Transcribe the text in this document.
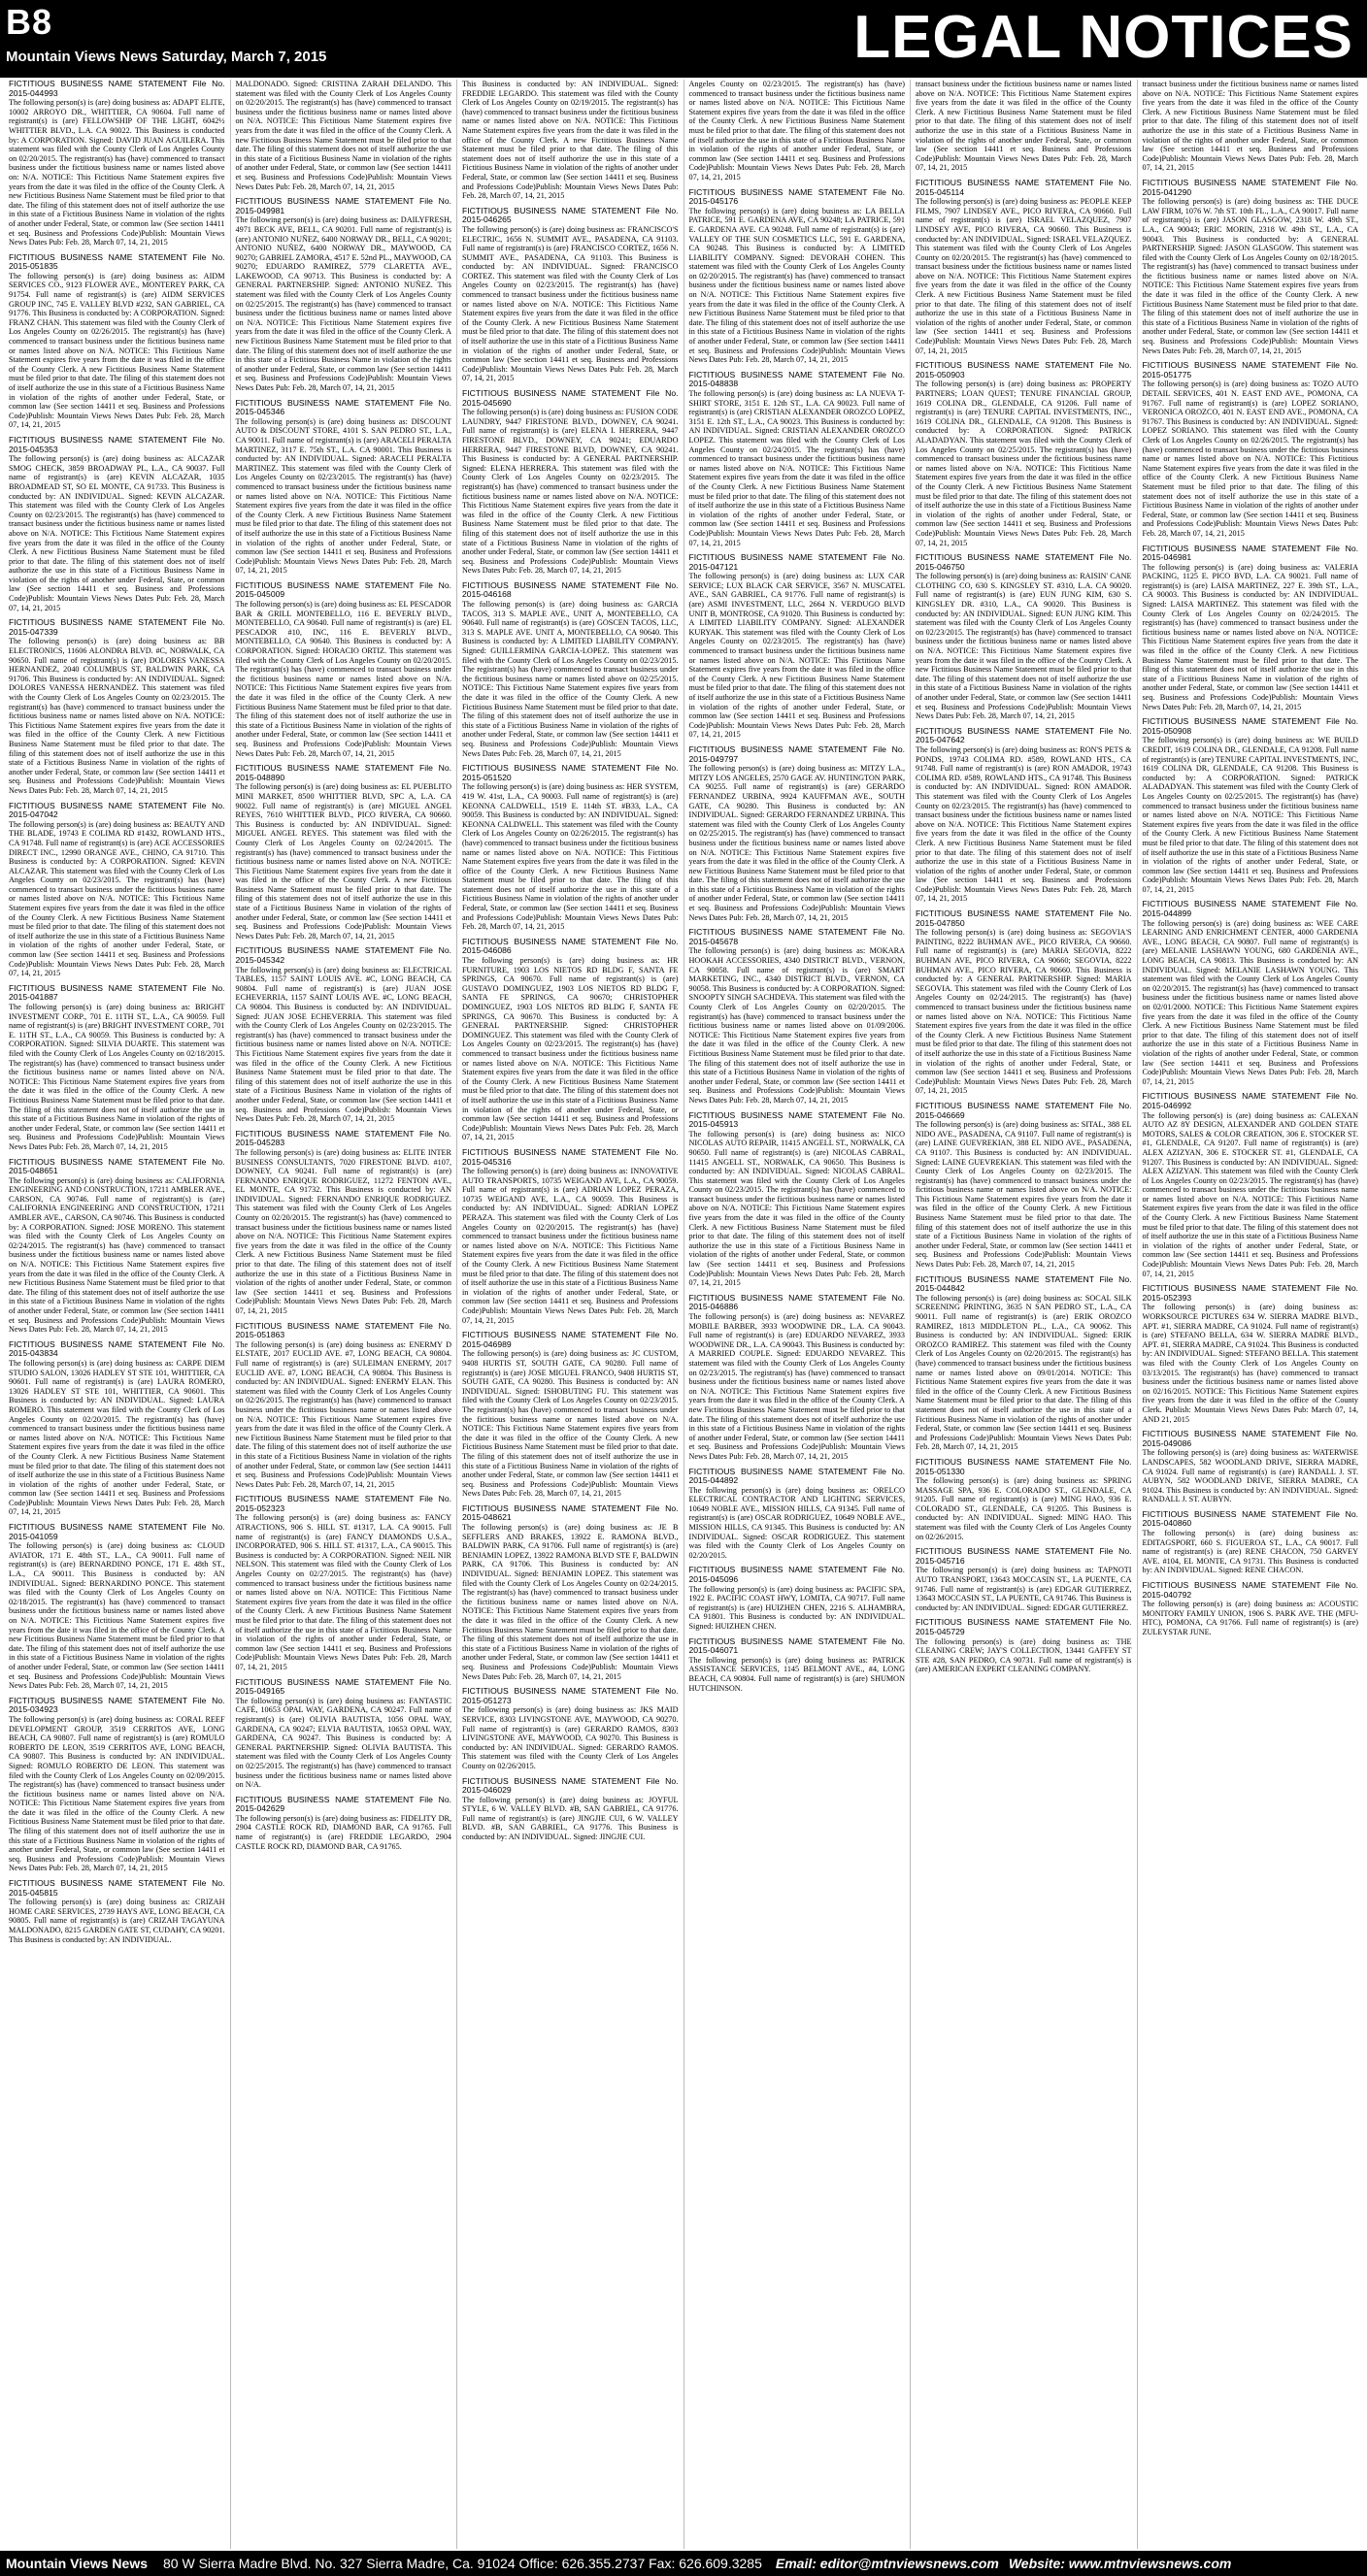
B8
Mountain Views News Saturday, March 7, 2015	LEGAL NOTICES

FICTITIOUS BUSINESS NAME STATEMENT File No. 2015-044993

The following person(s) is (are) doing business as: ADAPT ELITE, 10002 ARROYO DR., WHITTIER, CA 90604. Full name of registrant(s) is (are) FELLOWSHIP OF THE LIGHT, 6042½ WHITTIER BLVD., L.A. CA 90022. This Business is conducted by: A CORPORATION. Signed: DAVID JUAN AGUILERA. This statement was filed with the County Clerk of Los Angeles County on 02/20/2015. The registrant(s) has (have) commenced to transact business under the fictitious business name or names listed above on: N/A. NOTICE: This Fictitious Name Statement expires five years from the date it was filed in the office of the County Clerk. A new Fictitious Business Name Statement must be filed prior to that date. The filing of this statement does not of itself authorize the use in this state of a Fictitious Business Name in violation of the rights of another under Federal, State, or common law (See section 14411 et seq. Business and Professions Code)Publish: Mountain Views News Dates Pub: Feb. 28, March 07, 14, 21, 2015

FICTITIOUS BUSINESS NAME STATEMENT File No. 2015-051835

The following person(s) is (are) doing business as: AIDM SERVICES CO., 9123 FLOWER AVE., MONTEREY PARK, CA 91754. Full name of registrant(s) is (are) AIDM SERVICES GROUP INC, 745 E. VALLEY BLVD #232, SAN GABRIEL, CA 91776. This Business is conducted by: A CORPORATION. Signed: FRANZ CHAN. This statement was filed with the County Clerk of Los Angeles County on 02/26/2015. The registrant(s) has (have) commenced to transact business under the fictitious business name or names listed above on N/A. NOTICE: This Fictitious Name Statement expires five years from the date it was filed in the office of the County Clerk. A new Fictitious Business Name Statement must be filed prior to that date. The filing of this statement does not of itself authorize the use in this state of a Fictitious Business Name in violation of the rights of another under Federal, State, or common law (See section 14411 et seq. Business and Professions Code)Publish: Mountain Views News Dates Pub: Feb. 28, March 07, 14, 21, 2015

FICTITIOUS BUSINESS NAME STATEMENT File No. 2015-045353

The following person(s) is (are) doing business as: ALCAZAR SMOG CHECK, 3859 BROADWAY PL, L.A., CA 90037. Full name of registrant(s) is (are) KEVIN ALCAZAR, 1035 BROADMEAD ST, SO EL MONTE, CA 91733. This Business is conducted by: AN INDIVIDUAL. Signed: KEVIN ALCAZAR. This statement was filed with the County Clerk of Los Angeles County on 02/23/2015. The registrant(s) has (have) commenced to transact business under the fictitious business name or names listed above on N/A. NOTICE: This Fictitious Name Statement expires five years from the date it was filed in the office of the County Clerk. A new Fictitious Business Name Statement must be filed prior to that date. The filing of this statement does not of itself authorize the use in this state of a Fictitious Business Name in violation of the rights of another under Federal, State, or common law (See section 14411 et seq. Business and Professions Code)Publish: Mountain Views News Dates Pub: Feb. 28, March 07, 14, 21, 2015

FICTITIOUS BUSINESS NAME STATEMENT File No. 2015-047339

The following person(s) is (are) doing business as: BB ELECTRONICS, 11606 ALONDRA BLVD. #C, NORWALK, CA 90650. Full name of registrant(s) is (are) DOLORES VANESSA HERNANDEZ, 2040 COLUMBUS ST, BALDWIN PARK, CA 91706. This Business is conducted by: AN INDIVIDUAL. Signed: DOLORES VANESSA HERNANDEZ. This statement was filed with the County Clerk of Los Angeles County on 02/23/2015. The registrant(s) has (have) commenced to transact business under the fictitious business name or names listed above on N/A. NOTICE: This Fictitious Name Statement expires five years from the date it was filed in the office of the County Clerk. A new Fictitious Business Name Statement must be filed prior to that date. The filing of this statement does not of itself authorize the use in this state of a Fictitious Business Name in violation of the rights of another under Federal, State, or common law (See section 14411 et seq. Business and Professions Code)Publish: Mountain Views News Dates Pub: Feb. 28, March 07, 14, 21, 2015

FICTITIOUS BUSINESS NAME STATEMENT File No. 2015-047042

The following person(s) is (are) doing business as: BEAUTY AND THE BLADE, 19743 E COLIMA RD #1432, ROWLAND HTS., CA 91748. Full name of registrant(s) is (are) ACE ACCESSORIES DIRECT INC., 12990 ORANGE AVE., CHINO, CA 91710. This Business is conducted by: A CORPORATION. Signed: KEVIN ALCAZAR. This statement was filed with the County Clerk of Los Angeles County on 02/23/2015. The registrant(s) has (have) commenced to transact business under the fictitious business name or names listed above on N/A. NOTICE: This Fictitious Name Statement expires five years from the date it was filed in the office of the County Clerk. A new Fictitious Business Name Statement must be filed prior to that date. The filing of this statement does not of itself authorize the use in this state of a Fictitious Business Name in violation of the rights of another under Federal, State, or common law (See section 14411 et seq. Business and Professions Code)Publish: Mountain Views News Dates Pub: Feb. 28, March 07, 14, 21, 2015

FICTITIOUS BUSINESS NAME STATEMENT File No. 2015-041887

The following person(s) is (are) doing business as: BRIGHT INVESTMENT CORP., 701 E. 11TH ST., L.A., CA 90059. Full name of registrant(s) is (are) BRIGHT INVESTMENT CORP., 701 E. 11TH ST., L.A., CA 90059. This Business is conducted by: A CORPORATION. Signed: SILVIA DUARTE. This statement was filed with the County Clerk of Los Angeles County on 02/18/2015. The registrant(s) has (have) commenced to transact business under the fictitious business name or names listed above on N/A. NOTICE: This Fictitious Name Statement expires five years from the date it was filed in the office of the County Clerk. A new Fictitious Business Name Statement must be filed prior to that date. The filing of this statement does not of itself authorize the use in this state of a Fictitious Business Name in violation of the rights of another under Federal, State, or common law (See section 14411 et seq. Business and Professions Code)Publish: Mountain Views News Dates Pub: Feb. 28, March 07, 14, 21, 2015

FICTITIOUS BUSINESS NAME STATEMENT File No. 2015-048651

The following person(s) is (are) doing business as: CALIFORNIA ENGINEERING AND CONSTRUCTION, 17211 AMBLER AVE., CARSON, CA 90746. Full name of registrant(s) is (are) CALIFORNIA ENGINEERING AND CONSTRUCTION, 17211 AMBLER AVE., CARSON, CA 90746. This Business is conducted by: A CORPORATION. Signed: JOSE MORENO. This statement was filed with the County Clerk of Los Angeles County on 02/24/2015. The registrant(s) has (have) commenced to transact business under the fictitious business name or names listed above on N/A. NOTICE: This Fictitious Name Statement expires five years from the date it was filed in the office of the County Clerk. A new Fictitious Business Name Statement must be filed prior to that date. The filing of this statement does not of itself authorize the use in this state of a Fictitious Business Name in violation of the rights of another under Federal, State, or common law (See section 14411 et seq. Business and Professions Code)Publish: Mountain Views News Dates Pub: Feb. 28, March 07, 14, 21, 2015

FICTITIOUS BUSINESS NAME STATEMENT File No. 2015-043834

The following person(s) is (are) doing business as: CARPE DIEM STUDIO SALON, 13026 HADLEY ST STE 101, WHITTIER, CA 90601. Full name of registrant(s) is (are) LAURA ROMERO, 13026 HADLEY ST STE 101, WHITTIER, CA 90601. This Business is conducted by: AN INDIVIDUAL. Signed: LAURA ROMERO. This statement was filed with the County Clerk of Los Angeles County on 02/20/2015. The registrant(s) has (have) commenced to transact business under the fictitious business name or names listed above on N/A. NOTICE: This Fictitious Name Statement expires five years from the date it was filed in the office of the County Clerk. A new Fictitious Business Name Statement must be filed prior to that date. The filing of this statement does not of itself authorize the use in this state of a Fictitious Business Name in violation of the rights of another under Federal, State, or common law (See section 14411 et seq. Business and Professions Code)Publish: Mountain Views News Dates Pub: Feb. 28, March 07, 14, 21, 2015

FICTITIOUS BUSINESS NAME STATEMENT File No. 2015-041059

The following person(s) is (are) doing business as: CLOUD AVIATOR, 171 E. 48th ST., L.A., CA 90011. Full name of registrant(s) is (are) BERNARDINO PONCE, 171 E. 48th ST., L.A., CA 90011. This Business is conducted by: AN INDIVIDUAL. Signed: BERNARDINO PONCE. This statement was filed with the County Clerk of Los Angeles County on 02/18/2015. The registrant(s) has (have) commenced to transact business under the fictitious business name or names listed above on N/A. NOTICE: This Fictitious Name Statement expires five years from the date it was filed in the office of the County Clerk. A new Fictitious Business Name Statement must be filed prior to that date. The filing of this statement does not of itself authorize the use in this state of a Fictitious Business Name in violation of the rights of another under Federal, State, or common law (See section 14411 et seq. Business and Professions Code)Publish: Mountain Views News Dates Pub: Feb. 28, March 07, 14, 21, 2015

FICTITIOUS BUSINESS NAME STATEMENT File No. 2015-034923

The following person(s) is (are) doing business as: CORAL REEF DEVELOPMENT GROUP, 3519 CERRITOS AVE, LONG BEACH, CA 90807. Full name of registrant(s) is (are) ROMULO ROBERTO DE LEON, 3519 CERRITOS AVE, LONG BEACH, CA 90807. This Business is conducted by: AN INDIVIDUAL. Signed: ROMULO ROBERTO DE LEON. This statement was filed with the County Clerk of Los Angeles County on 02/09/2015. The registrant(s) has (have) commenced to transact business under the fictitious business name or names listed above on N/A. NOTICE: This Fictitious Name Statement expires five years from the date it was filed in the office of the County Clerk. A new Fictitious Business Name Statement must be filed prior to that date. The filing of this statement does not of itself authorize the use in this state of a Fictitious Business Name in violation of the rights of another under Federal, State, or common law (See section 14411 et seq. Business and Professions Code)Publish: Mountain Views News Dates Pub: Feb. 28, March 07, 14, 21, 2015

FICTITIOUS BUSINESS NAME STATEMENT File No. 2015-045815

The following person(s) is (are) doing business as: CRIZAH HOME CARE SERVICES, 2739 HAYS AVE, LONG BEACH, CA 90805. Full name of registrant(s) is (are) CRIZAH TAGAYUNA MALDONADO, 8215 GARDEN GATE ST, CUDAHY, CA 90201. This Business is conducted by: AN INDIVIDUAL.

MALDONADO. Signed: CRISTINA ZARAH DELANDO. This statement was filed with the County Clerk of Los Angeles County on 02/20/2015. The registrant(s) has (have) commenced to transact business under the fictitious business name or names listed above on N/A. NOTICE: This Fictitious Name Statement expires five years from the date it was filed in the office of the County Clerk. A new Fictitious Business Name Statement must be filed prior to that date. The filing of this statement does not of itself authorize the use in this state of a Fictitious Business Name in violation of the rights of another under Federal, State, or common law (See section 14411 et seq. Business and Professions Code)Publish: Mountain Views News Dates Pub: Feb. 28, March 07, 14, 21, 2015

FICTITIOUS BUSINESS NAME STATEMENT File No. 2015-049981

The following person(s) is (are) doing business as: DAILYFRESH, 4971 BECK AVE, BELL, CA 90201. Full name of registrant(s) is (are) ANTONIO NUÑEZ, 6400 NORWAY DR., BELL, CA 90201; ANTONIO NUÑEZ, 6400 NORWAY DR., MAYWOOD, CA 90270; GABRIEL ZAMORA, 4517 E. 52nd PL., MAYWOOD, CA 90270; EDUARDO RAMIREZ, 5779 CLARETTA AVE., LAKEWOOD, CA 90713. This Business is conducted by: A GENERAL PARTNERSHIP. Signed: ANTONIO NUÑEZ. This statement was filed with the County Clerk of Los Angeles County on 02/25/2015. The registrant(s) has (have) commenced to transact business under the fictitious business name or names listed above on N/A. NOTICE: This Fictitious Name Statement expires five years from the date it was filed in the office of the County Clerk. A new Fictitious Business Name Statement must be filed prior to that date. The filing of this statement does not of itself authorize the use in this state of a Fictitious Business Name in violation of the rights of another under Federal, State, or common law (See section 14411 et seq. Business and Professions Code)Publish: Mountain Views News Dates Pub: Feb. 28, March 07, 14, 21, 2015

FICTITIOUS BUSINESS NAME STATEMENT File No. 2015-045346

The following person(s) is (are) doing business as: DISCOUNT AUTO & DISCOUNT STORE, 4101 S. SAN PEDRO ST., L.A., CA 90011. Full name of registrant(s) is (are) ARACELI PERALTA MARTINEZ, 3117 E. 75th ST., L.A. CA 90001. This Business is conducted by: AN INDIVIDUAL. Signed: ARACELI PERALTA MARTINEZ. This statement was filed with the County Clerk of Los Angeles County on 02/23/2015. The registrant(s) has (have) commenced to transact business under the fictitious business name or names listed above on N/A. NOTICE: This Fictitious Name Statement expires five years from the date it was filed in the office of the County Clerk. A new Fictitious Business Name Statement must be filed prior to that date. The filing of this statement does not of itself authorize the use in this state of a Fictitious Business Name in violation of the rights of another under Federal, State, or common law (See section 14411 et seq. Business and Professions Code)Publish: Mountain Views News Dates Pub: Feb. 28, March 07, 14, 21, 2015

FICTITIOUS BUSINESS NAME STATEMENT File No. 2015-045009

The following person(s) is (are) doing business as: EL PESCADOR BAR & GRILL MONTEBELLO, 116 E. BEVERLY BLVD., MONTEBELLO, CA 90640. Full name of registrant(s) is (are) EL PESCADOR #10, INC, 116 E. BEVERLY BLVD., MONTEBELLO, CA 90640. This Business is conducted by: A CORPORATION. Signed: HORACIO ORTIZ. This statement was filed with the County Clerk of Los Angeles County on 02/20/2015. The registrant(s) has (have) commenced to transact business under the fictitious business name or names listed above on N/A. NOTICE: This Fictitious Name Statement expires five years from the date it was filed in the office of the County Clerk. A new Fictitious Business Name Statement must be filed prior to that date. The filing of this statement does not of itself authorize the use in this state of a Fictitious Business Name in violation of the rights of another under Federal, State, or common law (See section 14411 et seq. Business and Professions Code)Publish: Mountain Views News Dates Pub: Feb. 28, March 07, 14, 21, 2015

FICTITIOUS BUSINESS NAME STATEMENT File No. 2015-048890

The following person(s) is (are) doing business as: EL PUEBLITO MINI MARKET, 8500 WHITTIER BLVD, SPC A, L.A. CA 90022. Full name of registrant(s) is (are) MIGUEL ANGEL REYES, 7610 WHITTIER BLVD., PICO RIVERA, CA 90660. This Business is conducted by: AN INDIVIDUAL. Signed: MIGUEL ANGEL REYES. This statement was filed with the County Clerk of Los Angeles County on 02/24/2015. The registrant(s) has (have) commenced to transact business under the fictitious business name or names listed above on N/A. NOTICE: This Fictitious Name Statement expires five years from the date it was filed in the office of the County Clerk. A new Fictitious Business Name Statement must be filed prior to that date. The filing of this statement does not of itself authorize the use in this state of a Fictitious Business Name in violation of the rights of another under Federal, State, or common law (See section 14411 et seq. Business and Professions Code)Publish: Mountain Views News Dates Pub: Feb. 28, March 07, 14, 21, 2015

FICTITIOUS BUSINESS NAME STATEMENT File No. 2015-045342

The following person(s) is (are) doing business as: ELECTRICAL TABLES, 1157 SAINT LOUIS AVE. #C, LONG BEACH, CA 90804. Full name of registrant(s) is (are) JUAN JOSE ECHEVERRIA, 1157 SAINT LOUIS AVE. #C, LONG BEACH, CA 90804. This Business is conducted by: AN INDIVIDUAL. Signed: JUAN JOSE ECHEVERRIA. This statement was filed with the County Clerk of Los Angeles County on 02/23/2015. The registrant(s) has (have) commenced to transact business under the fictitious business name or names listed above on N/A. NOTICE: This Fictitious Name Statement expires five years from the date it was filed in the office of the County Clerk. A new Fictitious Business Name Statement must be filed prior to that date. The filing of this statement does not of itself authorize the use in this state of a Fictitious Business Name in violation of the rights of another under Federal, State, or common law (See section 14411 et seq. Business and Professions Code)Publish: Mountain Views News Dates Pub: Feb. 28, March 07, 14, 21, 2015

FICTITIOUS BUSINESS NAME STATEMENT File No. 2015-045283

The following person(s) is (are) doing business as: ELITE INTER BUSINESS CONSULTANTS, 7020 FIRESTONE BLVD. #107, DOWNEY, CA 90241. Full name of registrant(s) is (are) FERNANDO ENRIQUE RODRIGUEZ, 11272 FENTON AVE., EL MONTE, CA 91732. This Business is conducted by: AN INDIVIDUAL. Signed: FERNANDO ENRIQUE RODRIGUEZ. This statement was filed with the County Clerk of Los Angeles County on 02/20/2015. The registrant(s) has (have) commenced to transact business under the fictitious business name or names listed above on N/A. NOTICE: This Fictitious Name Statement expires five years from the date it was filed in the office of the County Clerk. A new Fictitious Business Name Statement must be filed prior to that date. The filing of this statement does not of itself authorize the use in this state of a Fictitious Business Name in violation of the rights of another under Federal, State, or common law (See section 14411 et seq. Business and Professions Code)Publish: Mountain Views News Dates Pub: Feb. 28, March 07, 14, 21, 2015

FICTITIOUS BUSINESS NAME STATEMENT File No. 2015-051863

The following person(s) is (are) doing business as: ENERMY D ELSTATE, 2017 EUCLID AVE. #7, LONG BEACH, CA 90804. Full name of registrant(s) is (are) SULEIMAN ENERMY, 2017 EUCLID AVE. #7, LONG BEACH, CA 90804. This Business is conducted by: AN INDIVIDUAL. Signed: ENERMY ELAN. This statement was filed with the County Clerk of Los Angeles County on 02/26/2015. The registrant(s) has (have) commenced to transact business under the fictitious business name or names listed above on N/A. NOTICE: This Fictitious Name Statement expires five years from the date it was filed in the office of the County Clerk. A new Fictitious Business Name Statement must be filed prior to that date. The filing of this statement does not of itself authorize the use in this state of a Fictitious Business Name in violation of the rights of another under Federal, State, or common law (See section 14411 et seq. Business and Professions Code)Publish: Mountain Views News Dates Pub: Feb. 28, March 07, 14, 21, 2015

FICTITIOUS BUSINESS NAME STATEMENT File No. 2015-052323

The following person(s) is (are) doing business as: FANCY ATRACTIONS, 906 S. HILL ST. #1317, L.A. CA 90015. Full name of registrant(s) is (are) FANCY DIAMONDS U.S.A., INCORPORATED, 906 S. HILL ST. #1317, L.A., CA 90015. This Business is conducted by: A CORPORATION. Signed: NEIL NIR NELSON. This statement was filed with the County Clerk of Los Angeles County on 02/27/2015. The registrant(s) has (have) commenced to transact business under the fictitious business name or names listed above on N/A. NOTICE: This Fictitious Name Statement expires five years from the date it was filed in the office of the County Clerk. A new Fictitious Business Name Statement must be filed prior to that date. The filing of this statement does not of itself authorize the use in this state of a Fictitious Business Name in violation of the rights of another under Federal, State, or common law (See section 14411 et seq. Business and Professions Code)Publish: Mountain Views News Dates Pub: Feb. 28, March 07, 14, 21, 2015

FICTITIOUS BUSINESS NAME STATEMENT File No. 2015-049165

The following person(s) is (are) doing business as: FANTASTIC CAFÉ, 10653 OPAL WAY, GARDENA, CA 90247. Full name of registrant(s) is (are) OLIVIA BAUTISTA, 1056 OPAL WAY, GARDENA, CA 90247; ELVIA BAUTISTA, 10653 OPAL WAY, GARDENA, CA 90247. This Business is conducted by: A GENERAL PARTNERSHIP. Signed: OLIVIA BAUTISTA. This statement was filed with the County Clerk of Los Angeles County on 02/25/2015. The registrant(s) has (have) commenced to transact business under the fictitious business name or names listed above on N/A.

FICTITIOUS BUSINESS NAME STATEMENT File No. 2015-042629

The following person(s) is (are) doing business as: FIDELITY DR, 2904 CASTLE ROCK RD, DIAMOND BAR, CA 91765. Full name of registrant(s) is (are) FREDDIE LEGARDO, 2904 CASTLE ROCK RD, DIAMOND BAR, CA 91765.

This Business is conducted by: AN INDIVIDUAL. Signed: FREDDIE LEGARDO. This statement was filed with the County Clerk of Los Angeles County on 02/19/2015. The registrant(s) has (have) commenced to transact business under the fictitious business name or names listed above on N/A. NOTICE: This Fictitious Name Statement expires five years from the date it was filed in the office of the County Clerk. A new Fictitious Business Name Statement must be filed prior to that date. The filing of this statement does not of itself authorize the use in this state of a Fictitious Business Name in violation of the rights of another under Federal, State, or common law (See section 14411 et seq. Business and Professions Code)Publish: Mountain Views News Dates Pub: Feb. 28, March 07, 14, 21, 2015

FICTITIOUS BUSINESS NAME STATEMENT File No. 2015-046265

The following person(s) is (are) doing business as: FRANCISCO'S ELECTRIC, 1656 N. SUMMIT AVE., PASADENA, CA 91103. Full name of registrant(s) is (are) FRANCISCO CORTEZ, 1656 N. SUMMIT AVE., PASADENA, CA 91103. This Business is conducted by: AN INDIVIDUAL. Signed: FRANCISCO CORTEZ. This statement was filed with the County Clerk of Los Angeles County on 02/23/2015. The registrant(s) has (have) commenced to transact business under the fictitious business name or names listed above on N/A. NOTICE: This Fictitious Name Statement expires five years from the date it was filed in the office of the County Clerk. A new Fictitious Business Name Statement must be filed prior to that date. The filing of this statement does not of itself authorize the use in this state of a Fictitious Business Name in violation of the rights of another under Federal, State, or common law (See section 14411 et seq. Business and Professions Code)Publish: Mountain Views News Dates Pub: Feb. 28, March 07, 14, 21, 2015

FICTITIOUS BUSINESS NAME STATEMENT File No. 2015-045690

The following person(s) is (are) doing business as: FUSION CODE LAUNDRY, 9447 FIRESTONE BLVD., DOWNEY, CA 90241. Full name of registrant(s) is (are) ELENA I. HERRERA, 9447 FIRESTONE BLVD., DOWNEY, CA 90241; EDUARDO HERRERA, 9447 FIRESTONE BLVD, DOWNEY, CA 90241. This Business is conducted by: A GENERAL PARTNERSHIP. Signed: ELENA HERRERA. This statement was filed with the County Clerk of Los Angeles County on 02/23/2015. The registrant(s) has (have) commenced to transact business under the fictitious business name or names listed above on N/A. NOTICE: This Fictitious Name Statement expires five years from the date it was filed in the office of the County Clerk. A new Fictitious Business Name Statement must be filed prior to that date. The filing of this statement does not of itself authorize the use in this state of a Fictitious Business Name in violation of the rights of another under Federal, State, or common law (See section 14411 et seq. Business and Professions Code)Publish: Mountain Views News Dates Pub: Feb. 28, March 07, 14, 21, 2015

FICTITIOUS BUSINESS NAME STATEMENT File No. 2015-046168

The following person(s) is (are) doing business as: GARCIA TACOS, 313 S. MAPLE AVE., UNIT A, MONTEBELLO, CA 90640. Full name of registrant(s) is (are) GOSCEN TACOS, LLC, 313 S. MAPLE AVE. UNIT A, MONTEBELLO, CA 90640. This Business is conducted by: A LIMITED LIABILITY COMPANY. Signed: GUILLERMINA GARCIA-LOPEZ. This statement was filed with the County Clerk of Los Angeles County on 02/23/2015. The registrant(s) has (have) commenced to transact business under the fictitious business name or names listed above on 02/25/2015. NOTICE: This Fictitious Name Statement expires five years from the date it was filed in the office of the County Clerk. A new Fictitious Business Name Statement must be filed prior to that date. The filing of this statement does not of itself authorize the use in this state of a Fictitious Business Name in violation of the rights of another under Federal, State, or common law (See section 14411 et seq. Business and Professions Code)Publish: Mountain Views News Dates Pub: Feb. 28, March 07, 14, 21, 2015

FICTITIOUS BUSINESS NAME STATEMENT File No. 2015-051520

The following person(s) is (are) doing business as: HER SYSTEM, 419 W. 41st, L.A., CA 90003. Full name of registrant(s) is (are) KEONNA CALDWELL, 1519 E. 114th ST. #B33, L.A., CA 90059. This Business is conducted by: AN INDIVIDUAL. Signed: KEONNA CALDWELL. This statement was filed with the County Clerk of Los Angeles County on 02/26/2015. The registrant(s) has (have) commenced to transact business under the fictitious business name or names listed above on N/A. NOTICE: This Fictitious Name Statement expires five years from the date it was filed in the office of the County Clerk. A new Fictitious Business Name Statement must be filed prior to that date. The filing of this statement does not of itself authorize the use in this state of a Fictitious Business Name in violation of the rights of another under Federal, State, or common law (See section 14411 et seq. Business and Professions Code)Publish: Mountain Views News Dates Pub: Feb. 28, March 07, 14, 21, 2015

FICTITIOUS BUSINESS NAME STATEMENT File No. 2015-046086

The following person(s) is (are) doing business as: HR FURNITURE, 1903 LOS NIETOS RD BLDG F, SANTA FE SPRINGS, CA 90670. Full name of registrant(s) is (are) GUSTAVO DOMINGUEZ, 1903 LOS NIETOS RD BLDG F, SANTA FE SPRINGS, CA 90670; CHRISTOPHER DOMINGUEZ, 1903 LOS NIETOS RD BLDG F, SANTA FE SPRINGS, CA 90670. This Business is conducted by: A GENERAL PARTNERSHIP. Signed: CHRISTOPHER DOMINGUEZ. This statement was filed with the County Clerk of Los Angeles County on 02/23/2015. The registrant(s) has (have) commenced to transact business under the fictitious business name or names listed above on N/A. NOTICE: This Fictitious Name Statement expires five years from the date it was filed in the office of the County Clerk. A new Fictitious Business Name Statement must be filed prior to that date. The filing of this statement does not of itself authorize the use in this state of a Fictitious Business Name in violation of the rights of another under Federal, State, or common law (See section 14411 et seq. Business and Professions Code)Publish: Mountain Views News Dates Pub: Feb. 28, March 07, 14, 21, 2015

FICTITIOUS BUSINESS NAME STATEMENT File No. 2015-045316

The following person(s) is (are) doing business as: INNOVATIVE AUTO TRANSPORTS, 10735 WEIGAND AVE, L.A., CA 90059. Full name of registrant(s) is (are) ADRIAN LOPEZ PERAZA, 10735 WEIGAND AVE, L.A., CA 90059. This Business is conducted by: AN INDIVIDUAL. Signed: ADRIAN LOPEZ PERAZA. This statement was filed with the County Clerk of Los Angeles County on 02/20/2015. The registrant(s) has (have) commenced to transact business under the fictitious business name or names listed above on N/A. NOTICE: This Fictitious Name Statement expires five years from the date it was filed in the office of the County Clerk. A new Fictitious Business Name Statement must be filed prior to that date. The filing of this statement does not of itself authorize the use in this state of a Fictitious Business Name in violation of the rights of another under Federal, State, or common law (See section 14411 et seq. Business and Professions Code)Publish: Mountain Views News Dates Pub: Feb. 28, March 07, 14, 21, 2015

FICTITIOUS BUSINESS NAME STATEMENT File No. 2015-046989

The following person(s) is (are) doing business as: JC CUSTOM, 9408 HURTIS ST, SOUTH GATE, CA 90280. Full name of registrant(s) is (are) JOSE MIGUEL FRANCO, 9408 HURTIS ST, SOUTH GATE, CA 90280. This Business is conducted by: AN INDIVIDUAL. Signed: ISHOBUTING FU. This statement was filed with the County Clerk of Los Angeles County on 02/23/2015. The registrant(s) has (have) commenced to transact business under the fictitious business name or names listed above on N/A. NOTICE: This Fictitious Name Statement expires five years from the date it was filed in the office of the County Clerk. A new Fictitious Business Name Statement must be filed prior to that date. The filing of this statement does not of itself authorize the use in this state of a Fictitious Business Name in violation of the rights of another under Federal, State, or common law (See section 14411 et seq. Business and Professions Code)Publish: Mountain Views News Dates Pub: Feb. 28, March 07, 14, 21, 2015

FICTITIOUS BUSINESS NAME STATEMENT File No. 2015-048621

The following person(s) is (are) doing business as: JE B SEFFLERS AND BRAKES, 13922 E. RAMONA BLVD., BALDWIN PARK, CA 91706. Full name of registrant(s) is (are) BENJAMIN LOPEZ, 13922 RAMONA BLVD STE F, BALDWIN PARK, CA 91706. This Business is conducted by: AN INDIVIDUAL. Signed: BENJAMIN LOPEZ. This statement was filed with the County Clerk of Los Angeles County on 02/24/2015. The registrant(s) has (have) commenced to transact business under the fictitious business name or names listed above on N/A. NOTICE: This Fictitious Name Statement expires five years from the date it was filed in the office of the County Clerk. A new Fictitious Business Name Statement must be filed prior to that date. The filing of this statement does not of itself authorize the use in this state of a Fictitious Business Name in violation of the rights of another under Federal, State, or common law (See section 14411 et seq. Business and Professions Code)Publish: Mountain Views News Dates Pub: Feb. 28, March 07, 14, 21, 2015

FICTITIOUS BUSINESS NAME STATEMENT File No. 2015-051273

The following person(s) is (are) doing business as: JKS MAID SERVICE, 8303 LIVINGSTONE AVE, MAYWOOD, CA 90270. Full name of registrant(s) is (are) GERARDO RAMOS, 8303 LIVINGSTONE AVE, MAYWOOD, CA 90270. This Business is conducted by: AN INDIVIDUAL. Signed: GERARDO RAMOS. This statement was filed with the County Clerk of Los Angeles County on 02/26/2015.

FICTITIOUS BUSINESS NAME STATEMENT File No. 2015-046029

The following person(s) is (are) doing business as: JOYFUL STYLE, 6 W. VALLEY BLVD. #B, SAN GABRIEL, CA 91776. Full name of registrant(s) is (are) JINGJIE CUI, 6 W. VALLEY BLVD. #B, SAN GABRIEL, CA 91776. This Business is conducted by: AN INDIVIDUAL. Signed: JINGJIE CUI.

Angeles County on 02/23/2015. The registrant(s) has (have) commenced to transact business under the fictitious business name or names listed above on N/A. NOTICE: This Fictitious Name Statement expires five years from the date it was filed in the office of the County Clerk. A new Fictitious Business Name Statement must be filed prior to that date. The filing of this statement does not of itself authorize the use in this state of a Fictitious Business Name in violation of the rights of another under Federal, State, or common law (See section 14411 et seq. Business and Professions Code)Publish: Mountain Views News Dates Pub: Feb. 28, March 07, 14, 21, 2015

FICTITIOUS BUSINESS NAME STATEMENT File No. 2015-045176

The following person(s) is (are) doing business as: LA BELLA PATRICE, 591 E. GARDENA AVE, CA 90248; LA PATRICE, 591 E. GARDENA AVE. CA 90248. Full name of registrant(s) is (are) VALLEY OF THE SUN COSMETICS LLC, 591 E. GARDENA, CA 90248. This Business is conducted by: A LIMITED LIABILITY COMPANY. Signed: DEVORAH COHEN. This statement was filed with the County Clerk of Los Angeles County on 02/20/2015. The registrant(s) has (have) commenced to transact business under the fictitious business name or names listed above on N/A. NOTICE: This Fictitious Name Statement expires five years from the date it was filed in the office of the County Clerk. A new Fictitious Business Name Statement must be filed prior to that date. The filing of this statement does not of itself authorize the use in this state of a Fictitious Business Name in violation of the rights of another under Federal, State, or common law (See section 14411 et seq. Business and Professions Code)Publish: Mountain Views News Dates Pub: Feb. 28, March 07, 14, 21, 2015

FICTITIOUS BUSINESS NAME STATEMENT File No. 2015-048838

The following person(s) is (are) doing business as: LA NUEVA T-SHIRT STORE, 3151 E. 12th ST., L.A. CA 90023. Full name of registrant(s) is (are) CRISTIAN ALEXANDER OROZCO LOPEZ, 3151 E. 12th ST., L.A., CA 90023. This Business is conducted by: AN INDIVIDUAL. Signed: CRISTIAN ALEXANDER OROZCO LOPEZ. This statement was filed with the County Clerk of Los Angeles County on 02/24/2015. The registrant(s) has (have) commenced to transact business under the fictitious business name or names listed above on N/A. NOTICE: This Fictitious Name Statement expires five years from the date it was filed in the office of the County Clerk. A new Fictitious Business Name Statement must be filed prior to that date. The filing of this statement does not of itself authorize the use in this state of a Fictitious Business Name in violation of the rights of another under Federal, State, or common law (See section 14411 et seq. Business and Professions Code)Publish: Mountain Views News Dates Pub: Feb. 28, March 07, 14, 21, 2015

FICTITIOUS BUSINESS NAME STATEMENT File No. 2015-047121

The following person(s) is (are) doing business as: LUX CAR SERVICE; LUX BLACK CAR SERVICE, 3567 N. MUSCATEL AVE., SAN GABRIEL, CA 91776. Full name of registrant(s) is (are) ASMI INVESTMENT, LLC, 2664 N. VERDUGO BLVD UNIT B, MONTROSE, CA 91020. This Business is conducted by: A LIMITED LIABILITY COMPANY. Signed: ALEXANDER KURYAK. This statement was filed with the County Clerk of Los Angeles County on 02/23/2015. The registrant(s) has (have) commenced to transact business under the fictitious business name or names listed above on N/A. NOTICE: This Fictitious Name Statement expires five years from the date it was filed in the office of the County Clerk. A new Fictitious Business Name Statement must be filed prior to that date. The filing of this statement does not of itself authorize the use in this state of a Fictitious Business Name in violation of the rights of another under Federal, State, or common law (See section 14411 et seq. Business and Professions Code)Publish: Mountain Views News Dates Pub: Feb. 28, March 07, 14, 21, 2015

FICTITIOUS BUSINESS NAME STATEMENT File No. 2015-049797

The following person(s) is (are) doing business as: MITZY L.A., MITZY LOS ANGELES, 2570 GAGE AV. HUNTINGTON PARK, CA 90255. Full name of registrant(s) is (are) GERARDO FERNANDEZ URBINA, 9924 KAUFFMAN AVE., SOUTH GATE, CA 90280. This Business is conducted by: AN INDIVIDUAL. Signed: GERARDO FERNANDEZ URBINA. This statement was filed with the County Clerk of Los Angeles County on 02/25/2015. The registrant(s) has (have) commenced to transact business under the fictitious business name or names listed above on N/A. NOTICE: This Fictitious Name Statement expires five years from the date it was filed in the office of the County Clerk. A new Fictitious Business Name Statement must be filed prior to that date. The filing of this statement does not of itself authorize the use in this state of a Fictitious Business Name in violation of the rights of another under Federal, State, or common law (See section 14411 et seq. Business and Professions Code)Publish: Mountain Views News Dates Pub: Feb. 28, March 07, 14, 21, 2015

FICTITIOUS BUSINESS NAME STATEMENT File No. 2015-045678

The following person(s) is (are) doing business as: MOKARA HOOKAH ACCESSORIES, 4340 DISTRICT BLVD., VERNON, CA 90058. Full name of registrant(s) is (are) SMART MARKETING, INC., 4340 DISTRICT BLVD., VERNON, CA 90058. This Business is conducted by: A CORPORATION. Signed: SNOOPTY SINGH SACHDEVA. This statement was filed with the County Clerk of Los Angeles County on 02/20/2015. The registrant(s) has (have) commenced to transact business under the fictitious business name or names listed above on 01/09/2006. NOTICE: This Fictitious Name Statement expires five years from the date it was filed in the office of the County Clerk. A new Fictitious Business Name Statement must be filed prior to that date. The filing of this statement does not of itself authorize the use in this state of a Fictitious Business Name in violation of the rights of another under Federal, State, or common law (See section 14411 et seq. Business and Professions Code)Publish: Mountain Views News Dates Pub: Feb. 28, March 07, 14, 21, 2015

FICTITIOUS BUSINESS NAME STATEMENT File No. 2015-045913

The following person(s) is (are) doing business as: NICO NICOLAS AUTO REPAIR, 11415 ANGELL ST., NORWALK, CA 90650. Full name of registrant(s) is (are) NICOLAS CABRAL, 11415 ANGELL ST., NORWALK, CA 90650. This Business is conducted by: AN INDIVIDUAL. Signed: NICOLAS CABRAL. This statement was filed with the County Clerk of Los Angeles County on 02/23/2015. The registrant(s) has (have) commenced to transact business under the fictitious business name or names listed above on N/A. NOTICE: This Fictitious Name Statement expires five years from the date it was filed in the office of the County Clerk. A new Fictitious Business Name Statement must be filed prior to that date. The filing of this statement does not of itself authorize the use in this state of a Fictitious Business Name in violation of the rights of another under Federal, State, or common law (See section 14411 et seq. Business and Professions Code)Publish: Mountain Views News Dates Pub: Feb. 28, March 07, 14, 21, 2015

FICTITIOUS BUSINESS NAME STATEMENT File No. 2015-046886

The following person(s) is (are) doing business as: NEVAREZ MOBILE BARBER, 3933 WOODWINE DR., L.A. CA 90043. Full name of registrant(s) is (are) EDUARDO NEVAREZ, 3933 WOODWINE DR., L.A. CA 90043. This Business is conducted by: A MARRIED COUPLE. Signed: EDUARDO NEVAREZ. This statement was filed with the County Clerk of Los Angeles County on 02/23/2015. The registrant(s) has (have) commenced to transact business under the fictitious business name or names listed above on N/A. NOTICE: This Fictitious Name Statement expires five years from the date it was filed in the office of the County Clerk. A new Fictitious Business Name Statement must be filed prior to that date. The filing of this statement does not of itself authorize the use in this state of a Fictitious Business Name in violation of the rights of another under Federal, State, or common law (See section 14411 et seq. Business and Professions Code)Publish: Mountain Views News Dates Pub: Feb. 28, March 07, 14, 21, 2015

FICTITIOUS BUSINESS NAME STATEMENT File No. 2015-044892

The following person(s) is (are) doing business as: ORELCO ELECTRICAL CONTRACTOR AND LIGHTING SERVICES, 10649 NOBLE AVE., MISSION HILLS, CA 91345. Full name of registrant(s) is (are) OSCAR RODRIGUEZ, 10649 NOBLE AVE., MISSION HILLS, CA 91345. This Business is conducted by: AN INDIVIDUAL. Signed: OSCAR RODRIGUEZ. This statement was filed with the County Clerk of Los Angeles County on 02/20/2015.

FICTITIOUS BUSINESS NAME STATEMENT File No. 2015-045096

The following person(s) is (are) doing business as: PACIFIC SPA, 1922 E. PACIFIC COAST HWY, LOMITA, CA 90717. Full name of registrant(s) is (are) HUIZHEN CHEN, 2216 S. ALHAMBRA, CA 91801. This Business is conducted by: AN INDIVIDUAL. Signed: HUIZHEN CHEN.

FICTITIOUS BUSINESS NAME STATEMENT File No. 2015-046071

The following person(s) is (are) doing business as: PATRICK ASSISTANCE SERVICES, 1145 BELMONT AVE., #4, LONG BEACH, CA 90804. Full name of registrant(s) is (are) SHUMON HUTCHINSON.

transact business under the fictitious business name or names listed above on N/A. NOTICE: This Fictitious Name Statement expires five years from the date it was filed in the office of the County Clerk. A new Fictitious Business Name Statement must be filed prior to that date. The filing of this statement does not of itself authorize the use in this state of a Fictitious Business Name in violation of the rights of another under Federal, State, or common law (See section 14411 et seq. Business and Professions Code)Publish: Mountain Views News Dates Pub: Feb. 28, March 07, 14, 21, 2015

FICTITIOUS BUSINESS NAME STATEMENT File No. 2015-045114

The following person(s) is (are) doing business as: PEOPLE KEEP FILMS, 7907 LINDSEY AVE., PICO RIVERA, CA 90660. Full name of registrant(s) is (are) ISRAEL VELAZQUEZ, 7907 LINDSEY AVE, PICO RIVERA, CA 90660. This Business is conducted by: AN INDIVIDUAL. Signed: ISRAEL VELAZQUEZ. This statement was filed with the County Clerk of Los Angeles County on 02/20/2015. The registrant(s) has (have) commenced to transact business under the fictitious business name or names listed above on N/A. NOTICE: This Fictitious Name Statement expires five years from the date it was filed in the office of the County Clerk. A new Fictitious Business Name Statement must be filed prior to that date. The filing of this statement does not of itself authorize the use in this state of a Fictitious Business Name in violation of the rights of another under Federal, State, or common law (See section 14411 et seq. Business and Professions Code)Publish: Mountain Views News Dates Pub: Feb. 28, March 07, 14, 21, 2015

FICTITIOUS BUSINESS NAME STATEMENT File No. 2015-050903

The following person(s) is (are) doing business as: PROPERTY PARTNERS; LOAN QUEST; TENURE FINANCIAL GROUP, 1619 COLINA DR., GLENDALE, CA 91206. Full name of registrant(s) is (are) TENURE CAPITAL INVESTMENTS, INC., 1619 COLINA DR., GLENDALE, CA 91208. This Business is conducted by: A CORPORATION. Signed: PATRICK ALADADYAN. This statement was filed with the County Clerk of Los Angeles County on 02/25/2015. The registrant(s) has (have) commenced to transact business under the fictitious business name or names listed above on N/A. NOTICE: This Fictitious Name Statement expires five years from the date it was filed in the office of the County Clerk. A new Fictitious Business Name Statement must be filed prior to that date. The filing of this statement does not of itself authorize the use in this state of a Fictitious Business Name in violation of the rights of another under Federal, State, or common law (See section 14411 et seq. Business and Professions Code)Publish: Mountain Views News Dates Pub: Feb. 28, March 07, 14, 21, 2015

FICTITIOUS BUSINESS NAME STATEMENT File No. 2015-046750

The following person(s) is (are) doing business as: RAISIN' CANE CLOTHING CO, 630 S. KINGSLEY ST. #310, L.A. CA 90020. Full name of registrant(s) is (are) EUN JUNG KIM, 630 S. KINGSLEY DR. #310, L.A., CA 90020. This Business is conducted by: AN INDIVIDUAL. Signed: EUN JUNG KIM. This statement was filed with the County Clerk of Los Angeles County on 02/23/2015. The registrant(s) has (have) commenced to transact business under the fictitious business name or names listed above on N/A. NOTICE: This Fictitious Name Statement expires five years from the date it was filed in the office of the County Clerk. A new Fictitious Business Name Statement must be filed prior to that date. The filing of this statement does not of itself authorize the use in this state of a Fictitious Business Name in violation of the rights of another under Federal, State, or common law (See section 14411 et seq. Business and Professions Code)Publish: Mountain Views News Dates Pub: Feb. 28, March 07, 14, 21, 2015

FICTITIOUS BUSINESS NAME STATEMENT File No. 2015-047642

The following person(s) is (are) doing business as: RON'S PETS & PONDS, 19743 COLIMA RD. #589, ROWLAND HTS., CA 91748. Full name of registrant(s) is (are) RON AMADOR, 19743 COLIMA RD. #589, ROWLAND HTS., CA 91748. This Business is conducted by: AN INDIVIDUAL. Signed: RON AMADOR. This statement was filed with the County Clerk of Los Angeles County on 02/23/2015. The registrant(s) has (have) commenced to transact business under the fictitious business name or names listed above on N/A. NOTICE: This Fictitious Name Statement expires five years from the date it was filed in the office of the County Clerk. A new Fictitious Business Name Statement must be filed prior to that date. The filing of this statement does not of itself authorize the use in this state of a Fictitious Business Name in violation of the rights of another under Federal, State, or common law (See section 14411 et seq. Business and Professions Code)Publish: Mountain Views News Dates Pub: Feb. 28, March 07, 14, 21, 2015

FICTITIOUS BUSINESS NAME STATEMENT File No. 2015-047850

The following person(s) is (are) doing business as: SEGOVIA'S PAINTING, 8222 BUHMAN AVE., PICO RIVERA, CA 90660. Full name of registrant(s) is (are) MARIA SEGOVIA, 8222 BUHMAN AVE, PICO RIVERA, CA 90660; SEGOVIA, 8222 BUHMAN AVE., PICO RIVERA, CA 90660. This Business is conducted by: A GENERAL PARTNERSHIP. Signed: MARIA SEGOVIA. This statement was filed with the County Clerk of Los Angeles County on 02/24/2015. The registrant(s) has (have) commenced to transact business under the fictitious business name or names listed above on N/A. NOTICE: This Fictitious Name Statement expires five years from the date it was filed in the office of the County Clerk. A new Fictitious Business Name Statement must be filed prior to that date. The filing of this statement does not of itself authorize the use in this state of a Fictitious Business Name in violation of the rights of another under Federal, State, or common law (See section 14411 et seq. Business and Professions Code)Publish: Mountain Views News Dates Pub: Feb. 28, March 07, 14, 21, 2015

FICTITIOUS BUSINESS NAME STATEMENT File No. 2015-046669

The following person(s) is (are) doing business as: SITAL, 388 EL NIDO AVE., PASADENA, CA 91107. Full name of registrant(s) is (are) LAINE GUEVREKIAN, 388 EL NIDO AVE., PASADENA, CA 91107. This Business is conducted by: AN INDIVIDUAL. Signed: LAINE GUEVREKIAN. This statement was filed with the County Clerk of Los Angeles County on 02/23/2015. The registrant(s) has (have) commenced to transact business under the fictitious business name or names listed above on N/A. NOTICE: This Fictitious Name Statement expires five years from the date it was filed in the office of the County Clerk. A new Fictitious Business Name Statement must be filed prior to that date. The filing of this statement does not of itself authorize the use in this state of a Fictitious Business Name in violation of the rights of another under Federal, State, or common law (See section 14411 et seq. Business and Professions Code)Publish: Mountain Views News Dates Pub: Feb. 28, March 07, 14, 21, 2015

FICTITIOUS BUSINESS NAME STATEMENT File No. 2015-044842

The following person(s) is (are) doing business as: SOCAL SILK SCREENING PRINTING, 3635 N SAN PEDRO ST., L.A., CA 90011. Full name of registrant(s) is (are) ERIK OROZCO RAMIREZ, 1813 MIDDLETON PL., L.A., CA 90062. This Business is conducted by: AN INDIVIDUAL. Signed: ERIK OROZCO RAMIREZ. This statement was filed with the County Clerk of Los Angeles County on 02/20/2015. The registrant(s) has (have) commenced to transact business under the fictitious business name or names listed above on 09/01/2014. NOTICE: This Fictitious Name Statement expires five years from the date it was filed in the office of the County Clerk. A new Fictitious Business Name Statement must be filed prior to that date. The filing of this statement does not of itself authorize the use in this state of a Fictitious Business Name in violation of the rights of another under Federal, State, or common law (See section 14411 et seq. Business and Professions Code)Publish: Mountain Views News Dates Pub: Feb. 28, March 07, 14, 21, 2015

FICTITIOUS BUSINESS NAME STATEMENT File No. 2015-051330

The following person(s) is (are) doing business as: SPRING MASSAGE SPA, 936 E. COLORADO ST., GLENDALE, CA 91205. Full name of registrant(s) is (are) MING HAO, 936 E. COLORADO ST., GLENDALE, CA 91205. This Business is conducted by: AN INDIVIDUAL. Signed: MING HAO. This statement was filed with the County Clerk of Los Angeles County on 02/26/2015.

FICTITIOUS BUSINESS NAME STATEMENT File No. 2015-045716

The following person(s) is (are) doing business as: TAPNOTI AUTO TRANSPORT, 13643 MOCCASIN ST., LA PUENTE, CA 91746. Full name of registrant(s) is (are) EDGAR GUTIERREZ, 13643 MOCCASIN ST., LA PUENTE, CA 91746. This Business is conducted by: AN INDIVIDUAL. Signed: EDGAR GUTIERREZ.

FICTITIOUS BUSINESS NAME STATEMENT File No. 2015-045729

The following person(s) is (are) doing business as: THE CLEANING CREW; JAY'S COLLECTION, 13441 GAFFEY ST STE #28, SAN PEDRO, CA 90731. Full name of registrant(s) is (are) AMERICAN EXPERT CLEANING COMPANY.

transact business under the fictitious business name or names listed above on N/A. NOTICE: This Fictitious Name Statement expires five years from the date it was filed in the office of the County Clerk. A new Fictitious Business Name Statement must be filed prior to that date. The filing of this statement does not of itself authorize the use in this state of a Fictitious Business Name in violation of the rights of another under Federal, State, or common law (See section 14411 et seq. Business and Professions Code)Publish: Mountain Views News Dates Pub: Feb. 28, March 07, 14, 21, 2015

FICTITIOUS BUSINESS NAME STATEMENT File No. 2015-041290

The following person(s) is (are) doing business as: THE DUCE LAW FIRM, 1076 W. 7th ST. 10th FL., L.A., CA 90017. Full name of registrant(s) is (are) JASON GLASGOW, 2318 W. 49th ST., L.A., CA 90043; ERIC MORIN, 2318 W. 49th ST., L.A., CA 90043. This Business is conducted by: A GENERAL PARTNERSHIP. Signed: JASON GLASGOW. This statement was filed with the County Clerk of Los Angeles County on 02/18/2015. The registrant(s) has (have) commenced to transact business under the fictitious business name or names listed above on N/A. NOTICE: This Fictitious Name Statement expires five years from the date it was filed in the office of the County Clerk. A new Fictitious Business Name Statement must be filed prior to that date. The filing of this statement does not of itself authorize the use in this state of a Fictitious Business Name in violation of the rights of another under Federal, State, or common law (See section 14411 et seq. Business and Professions Code)Publish: Mountain Views News Dates Pub: Feb. 28, March 07, 14, 21, 2015

FICTITIOUS BUSINESS NAME STATEMENT File No. 2015-051775

The following person(s) is (are) doing business as: TOZO AUTO DETAIL SERVICES, 401 N. EAST END AVE., POMONA, CA 91767. Full name of registrant(s) is (are) LOPEZ SORIANO, VERONICA OROZCO, 401 N. EAST END AVE., POMONA, CA 91767. This Business is conducted by: AN INDIVIDUAL. Signed: LOPEZ SORIANO. This statement was filed with the County Clerk of Los Angeles County on 02/26/2015. The registrant(s) has (have) commenced to transact business under the fictitious business name or names listed above on N/A. NOTICE: This Fictitious Name Statement expires five years from the date it was filed in the office of the County Clerk. A new Fictitious Business Name Statement must be filed prior to that date. The filing of this statement does not of itself authorize the use in this state of a Fictitious Business Name in violation of the rights of another under Federal, State, or common law (See section 14411 et seq. Business and Professions Code)Publish: Mountain Views News Dates Pub: Feb. 28, March 07, 14, 21, 2015

FICTITIOUS BUSINESS NAME STATEMENT File No. 2015-046981

The following person(s) is (are) doing business as: VALERIA PACKING, 1125 E. PICO BVD, L.A. CA 90021. Full name of registrant(s) is (are) LAISA MARTINEZ, 227 E. 39th ST., L.A., CA 90003. This Business is conducted by: AN INDIVIDUAL. Signed: LAISA MARTINEZ. This statement was filed with the County Clerk of Los Angeles County on 02/24/2015. The registrant(s) has (have) commenced to transact business under the fictitious business name or names listed above on N/A. NOTICE: This Fictitious Name Statement expires five years from the date it was filed in the office of the County Clerk. A new Fictitious Business Name Statement must be filed prior to that date. The filing of this statement does not of itself authorize the use in this state of a Fictitious Business Name in violation of the rights of another under Federal, State, or common law (See section 14411 et seq. Business and Professions Code)Publish: Mountain Views News Dates Pub: Feb. 28, March 07, 14, 21, 2015

FICTITIOUS BUSINESS NAME STATEMENT File No. 2015-050908

The following person(s) is (are) doing business as: WE BUILD CREDIT, 1619 COLINA DR., GLENDALE, CA 91208. Full name of registrant(s) is (are) TENURE CAPITAL INVESTMENTS, INC, 1619 COLINA DR, GLENDALE, CA 91208. This Business is conducted by: A CORPORATION. Signed: PATRICK ALADADYAN. This statement was filed with the County Clerk of Los Angeles County on 02/25/2015. The registrant(s) has (have) commenced to transact business under the fictitious business name or names listed above on N/A. NOTICE: This Fictitious Name Statement expires five years from the date it was filed in the office of the County Clerk. A new Fictitious Business Name Statement must be filed prior to that date. The filing of this statement does not of itself authorize the use in this state of a Fictitious Business Name in violation of the rights of another under Federal, State, or common law (See section 14411 et seq. Business and Professions Code)Publish: Mountain Views News Dates Pub: Feb. 28, March 07, 14, 21, 2015

FICTITIOUS BUSINESS NAME STATEMENT File No. 2015-044899

The following person(s) is (are) doing business as: WEE CARE LEARNING AND ENRICHMENT CENTER, 4000 GARDENIA AVE., LONG BEACH, CA 90807. Full name of registrant(s) is (are) MELANIE LASHAWN YOUNG, 680 GARDENIA AVE., LONG BEACH, CA 90813. This Business is conducted by: AN INDIVIDUAL. Signed: MELANIE LASHAWN YOUNG. This statement was filed with the County Clerk of Los Angeles County on 02/20/2015. The registrant(s) has (have) commenced to transact business under the fictitious business name or names listed above on 02/01/2000. NOTICE: This Fictitious Name Statement expires five years from the date it was filed in the office of the County Clerk. A new Fictitious Business Name Statement must be filed prior to that date. The filing of this statement does not of itself authorize the use in this state of a Fictitious Business Name in violation of the rights of another under Federal, State, or common law (See section 14411 et seq. Business and Professions Code)Publish: Mountain Views News Dates Pub: Feb. 28, March 07, 14, 21, 2015

FICTITIOUS BUSINESS NAME STATEMENT File No. 2015-046992

The following person(s) is (are) doing business as: CALEXAN AUTO AZ 8Y DESIGN, ALEXANDER AND GOLDEN STATE MOTORS, SALES & COLOR CREATION, 306 E. STOCKER ST. #1, GLENDALE, CA 91207. Full name of registrant(s) is (are) ALEX AZIZYAN, 306 E. STOCKER ST. #1, GLENDALE, CA 91207. This Business is conducted by: AN INDIVIDUAL. Signed: ALEX AZIZYAN. This statement was filed with the County Clerk of Los Angeles County on 02/23/2015. The registrant(s) has (have) commenced to transact business under the fictitious business name or names listed above on N/A. NOTICE: This Fictitious Name Statement expires five years from the date it was filed in the office of the County Clerk. A new Fictitious Business Name Statement must be filed prior to that date. The filing of this statement does not of itself authorize the use in this state of a Fictitious Business Name in violation of the rights of another under Federal, State, or common law (See section 14411 et seq. Business and Professions Code)Publish: Mountain Views News Dates Pub: Feb. 28, March 07, 14, 21, 2015

FICTITIOUS BUSINESS NAME STATEMENT File No. 2015-052393

The following person(s) is (are) doing business as: WORKSOURCE PICTURES 634 W. SIERRA MADRE BLVD., APT. #1, SIERRA MADRE, CA 91024. Full name of registrant(s) is (are) STEFANO BELLA, 634 W. SIERRA MADRE BLVD., APT. #1, SIERRA MADRE, CA 91024. This Business is conducted by: AN INDIVIDUAL. Signed: STEFANO BELLA. This statement was filed with the County Clerk of Los Angeles County on 03/13/2015. The registrant(s) has (have) commenced to transact business under the fictitious business name or names listed above on 02/16/2015. NOTICE: This Fictitious Name Statement expires five years from the date it was filed in the office of the County Clerk. Publish: Mountain Views News Dates Pub: March 07, 14, AND 21, 2015

FICTITIOUS BUSINESS NAME STATEMENT File No. 2015-049086

The following person(s) is (are) doing business as: WATERWISE LANDSCAPES, 582 WOODLAND DRIVE, SIERRA MADRE, CA 91024. Full name of registrant(s) is (are) RANDALL J. ST. AUBYN, 582 WOODLAND DRIVE, SIERRA MADRE, CA 91024. This Business is conducted by: AN INDIVIDUAL. Signed: RANDALL J. ST. AUBYN.

FICTITIOUS BUSINESS NAME STATEMENT File No. 2015-040860

The following person(s) is (are) doing business as: EDITAGSPORT, 660 S. FIGUEROA ST., L.A., CA 90017. Full name of registrant(s) is (are) RENE CHACON, 750 GARVEY AVE. #104, EL MONTE, CA 91731. This Business is conducted by: AN INDIVIDUAL. Signed: RENE CHACON.

FICTITIOUS BUSINESS NAME STATEMENT File No. 2015-040792

The following person(s) is (are) doing business as: ACOUSTIC MONITORY FAMILY UNION, 1906 S. PARK AVE. THE (MFU-HTC), POMONA, CA 91766. Full name of registrant(s) is (are) ZULEYSTAR JUNE.

Mountain Views News	80 W Sierra Madre Blvd. No. 327 Sierra Madre, Ca. 91024 Office: 626.355.2737 Fax: 626.609.3285	Email: editor@mtnviewsnews.com Website: www.mtnviewsnews.com
